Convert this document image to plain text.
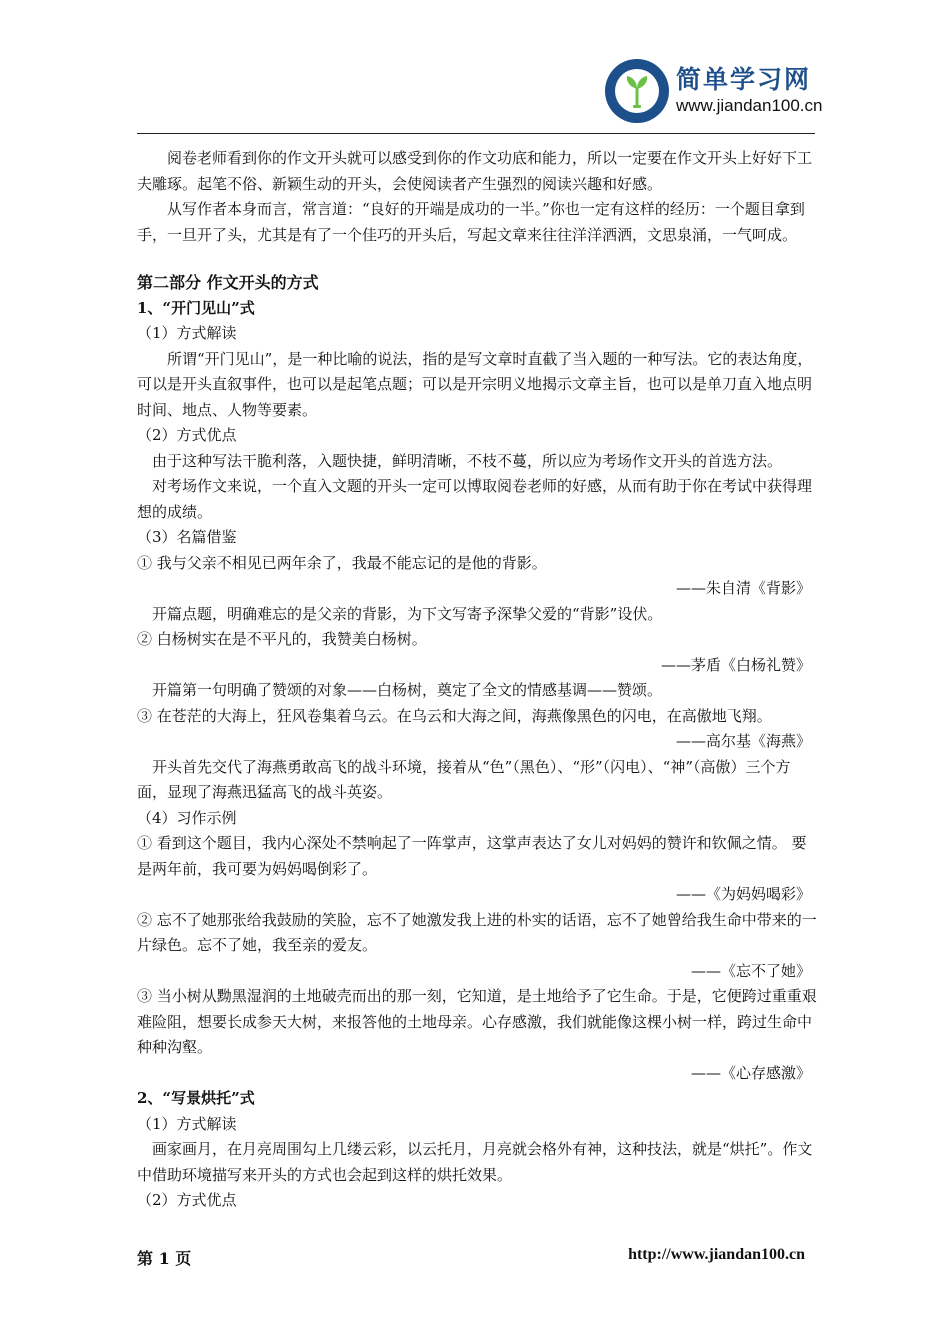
简单学习网
www.jiandan100.cn

阅卷老师看到你的作文开头就可以感受到你的作文功底和能力，所以一定要在作文开头上好好下工夫雕琢。起笔不俗、新颖生动的开头，会使阅读者产生强烈的阅读兴趣和好感。

从写作者本身而言，常言道：“良好的开端是成功的一半。”你也一定有这样的经历：一个题目拿到手，一旦开了头，尤其是有了一个佳巧的开头后，写起文章来往往洋洋洒洒，文思泉涌，一气呵成。

第二部分 作文开头的方式

1、“开门见山”式

（1）方式解读

所谓“开门见山”，是一种比喻的说法，指的是写文章时直截了当入题的一种写法。它的表达角度，可以是开头直叙事件，也可以是起笔点题；可以是开宗明义地揭示文章主旨，也可以是单刀直入地点明时间、地点、人物等要素。

（2）方式优点

由于这种写法干脆利落，入题快捷，鲜明清晰，不枝不蔓，所以应为考场作文开头的首选方法。

对考场作文来说，一个直入文题的开头一定可以博取阅卷老师的好感，从而有助于你在考试中获得理想的成绩。

（3）名篇借鉴

① 我与父亲不相见已两年余了，我最不能忘记的是他的背影。

——朱自清《背影》

开篇点题，明确难忘的是父亲的背影，为下文写寄予深挚父爱的“背影”设伏。

② 白杨树实在是不平凡的，我赞美白杨树。

——茅盾《白杨礼赞》

开篇第一句明确了赞颂的对象——白杨树，奠定了全文的情感基调——赞颂。

③ 在苍茫的大海上，狂风卷集着乌云。在乌云和大海之间，海燕像黑色的闪电，在高傲地飞翔。

——高尔基《海燕》

开头首先交代了海燕勇敢高飞的战斗环境，接着从“色”（黑色）、“形”（闪电）、“神”（高傲）三个方面，显现了海燕迅猛高飞的战斗英姿。

（4）习作示例

① 看到这个题目，我内心深处不禁响起了一阵掌声，这掌声表达了女儿对妈妈的赞许和钦佩之情。 要是两年前，我可要为妈妈喝倒彩了。

——《为妈妈喝彩》

② 忘不了她那张给我鼓励的笑脸，忘不了她激发我上进的朴实的话语，忘不了她曾给我生命中带来的一片绿色。忘不了她，我至亲的爱友。

——《忘不了她》

③ 当小树从黝黑湿润的土地破壳而出的那一刻，它知道，是土地给予了它生命。于是，它便跨过重重艰难险阻，想要长成参天大树，来报答他的土地母亲。心存感激，我们就能像这棵小树一样，跨过生命中种种沟壑。

——《心存感激》

2、“写景烘托”式

（1）方式解读

画家画月，在月亮周围勾上几缕云彩，以云托月，月亮就会格外有神，这种技法，就是“烘托”。作文中借助环境描写来开头的方式也会起到这样的烘托效果。

（2）方式优点

第 1 页	http://www.jiandan100.cn
